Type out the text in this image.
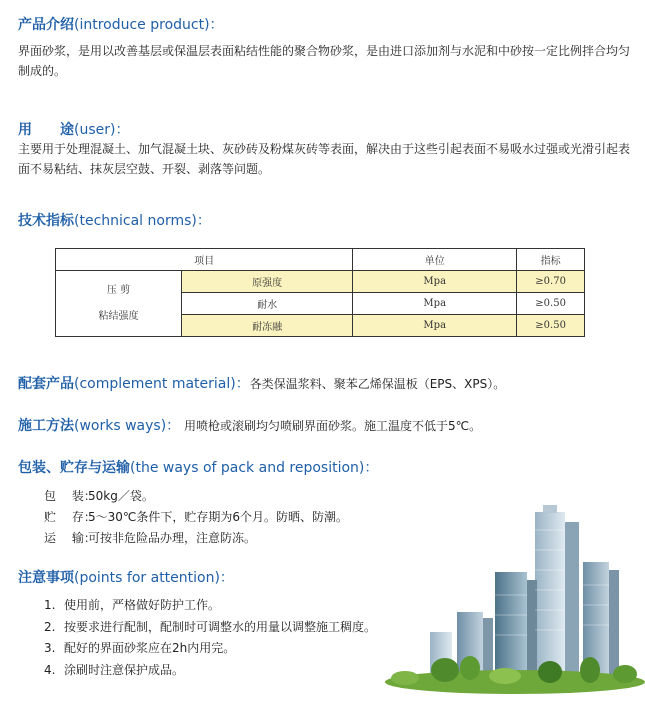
产品介绍(introduce product)：
界面砂浆，是用以改善基层或保温层表面粘结性能的聚合物砂浆，是由进口添加剂与水泥和中砂按一定比例拌合均匀制成的。
用　　途(user)：
主要用于处理混凝土、加气混凝土块、灰砂砖及粉煤灰砖等表面，解决由于这些引起表面不易吸水过强或光滑引起表面不易粘结、抹灰层空鼓、开裂、剥落等问题。
技术指标(technical norms)：
项目		单位	指标

压 剪
粘结强度	原强度	Mpa	≥0.70
	耐水	Mpa	≥0.50
	耐冻融	Mpa	≥0.50
配套产品(complement material)：各类保温浆料、聚苯乙烯保温板（EPS、XPS）。
施工方法(works ways)： 用喷枪或滚刷均匀喷刷界面砂浆。施工温度不低于5℃。
包装、贮存与运输(the ways of pack and reposition)：
包　 装：50kg／袋。
贮　 存：5～30℃条件下，贮存期为6个月。防晒、防潮。
运　 输：可按非危险品办理，注意防冻。
注意事项(points for attention)：
1. 使用前，严格做好防护工作。
2. 按要求进行配制，配制时可调整水的用量以调整施工稠度。
3. 配好的界面砂浆应在2h内用完。
4. 涂刷时注意保护成品。
